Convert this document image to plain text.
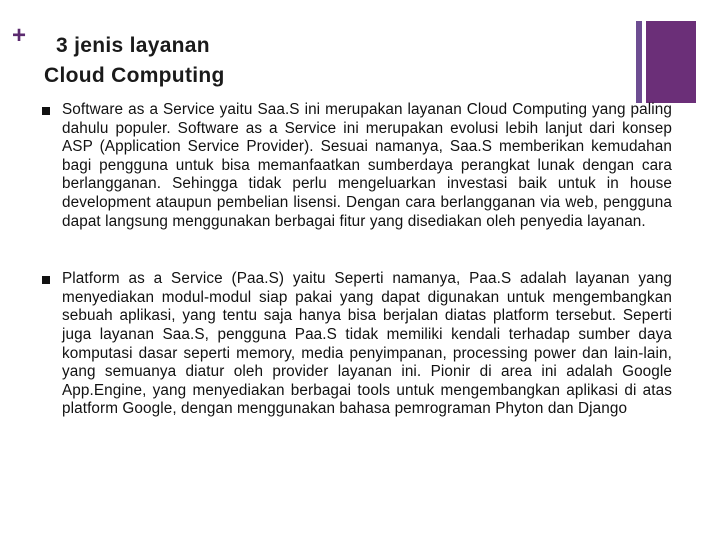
+	3 jenis layanan
Cloud Computing
Software as a Service yaitu Saa.S ini merupakan layanan Cloud Computing yang paling dahulu populer. Software as a Service ini merupakan evolusi lebih lanjut dari konsep ASP (Application Service Provider). Sesuai namanya, Saa.S memberikan kemudahan bagi pengguna untuk bisa memanfaatkan sumberdaya perangkat lunak dengan cara berlangganan. Sehingga tidak perlu mengeluarkan investasi baik untuk in house development ataupun pembelian lisensi. Dengan cara berlangganan via web, pengguna dapat langsung menggunakan berbagai fitur yang disediakan oleh penyedia layanan.
Platform as a Service (Paa.S) yaitu Seperti namanya, Paa.S adalah layanan yang menyediakan modul-modul siap pakai yang dapat digunakan untuk mengembangkan sebuah aplikasi, yang tentu saja hanya bisa berjalan diatas platform tersebut. Seperti juga layanan Saa.S, pengguna Paa.S tidak memiliki kendali terhadap sumber daya komputasi dasar seperti memory, media penyimpanan, processing power dan lain-lain, yang semuanya diatur oleh provider layanan ini. Pionir di area ini adalah Google App.Engine, yang menyediakan berbagai tools untuk mengembangkan aplikasi di atas platform Google, dengan menggunakan bahasa pemrograman Phyton dan Django
